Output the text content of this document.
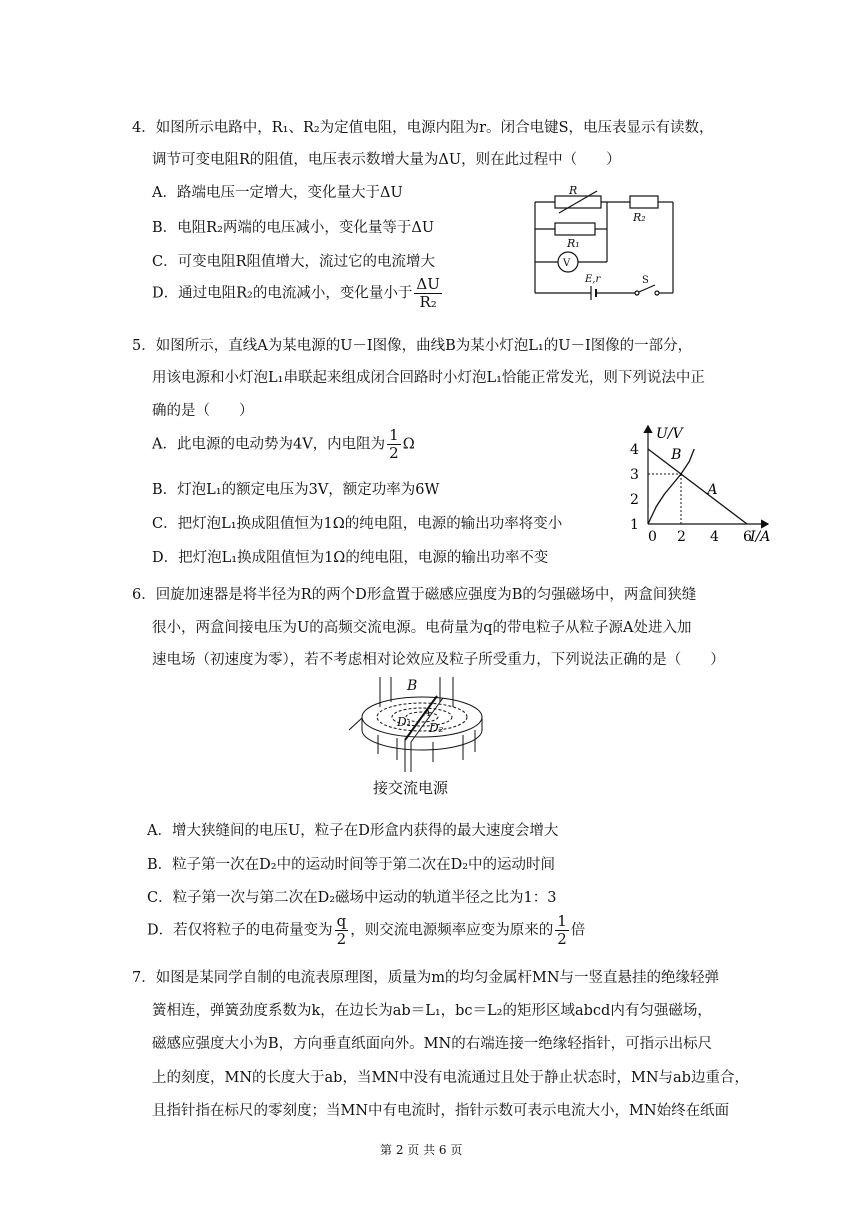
4．如图所示电路中，R₁、R₂为定值电阻，电源内阻为r。闭合电键S，电压表显示有读数，
调节可变电阻R的阻值，电压表示数增大量为ΔU，则在此过程中（　　）
A．路端电压一定增大，变化量大于ΔU
B．电阻R₂两端的电压减小，变化量等于ΔU
C．可变电阻R阻值增大，流过它的电流增大
D．通过电阻R₂的电流减小，变化量小于 $\frac{\Delta U}{\text{R₂}}$
R
R₂
R₁
V
E,r	S
5．如图所示，直线A为某电源的U－I图像，曲线B为某小灯泡L₁的U－I图像的一部分，
用该电源和小灯泡L₁串联起来组成闭合回路时小灯泡L₁恰能正常发光，则下列说法中正
确的是（　　）
A．此电源的电动势为4V，内电阻为 $\frac{1}{2}$ Ω
B．灯泡L₁的额定电压为3V，额定功率为6W
C．把灯泡L₁换成阻值恒为1Ω的纯电阻，电源的输出功率将变小
D．把灯泡L₁换成阻值恒为1Ω的纯电阻，电源的输出功率不变
0 2 4 6
1
2
3
4
A
B
U/V
I/A
6．回旋加速器是将半径为R的两个D形盒置于磁感应强度为B的匀强磁场中，两盒间狭缝
很小，两盒间接电压为U的高频交流电源。电荷量为q的带电粒子从粒子源A处进入加
速电场（初速度为零），若不考虑相对论效应及粒子所受重力，下列说法正确的是（　　）
B
A
D₁ D₂
接交流电源
A．增大狭缝间的电压U，粒子在D形盒内获得的最大速度会增大
B．粒子第一次在D₂中的运动时间等于第二次在D₂中的运动时间
C．粒子第一次与第二次在D₂磁场中运动的轨道半径之比为1：3
D．若仅将粒子的电荷量变为 $\frac{q}{2}$ ，则交流电源频率应变为原来的 $\frac{1}{2}$ 倍
7．如图是某同学自制的电流表原理图，质量为m的均匀金属杆MN与一竖直悬挂的绝缘轻弹
簧相连，弹簧劲度系数为k，在边长为ab＝L₁，bc＝L₂的矩形区域abcd内有匀强磁场，
磁感应强度大小为B，方向垂直纸面向外。MN的右端连接一绝缘轻指针，可指示出标尺
上的刻度，MN的长度大于ab，当MN中没有电流通过且处于静止状态时，MN与ab边重合，
且指针指在标尺的零刻度；当MN中有电流时，指针示数可表示电流大小，MN始终在纸面
第 2 页 共 6 页
